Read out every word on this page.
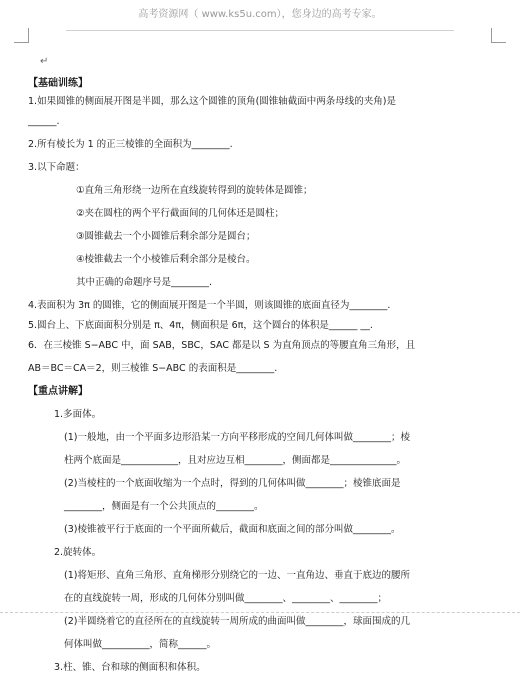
高考资源网（ www.ks5u.com），您身边的高考专家。
↵
【基础训练】
1.如果圆锥的侧面展开图是半圆，那么这个圆锥的顶角(圆锥轴截面中两条母线的夹角)是
______.
2.所有棱长为 1 的正三棱锥的全面积为________.
3.以下命题：
①直角三角形绕一边所在直线旋转得到的旋转体是圆锥；
②夹在圆柱的两个平行截面间的几何体还是圆柱；
③圆锥截去一个小圆锥后剩余部分是圆台；
④棱锥截去一个小棱锥后剩余部分是棱台。
其中正确的命题序号是________.
4.表面积为 3π 的圆锥，它的侧面展开图是一个半圆，则该圆锥的底面直径为________.
5.圆台上、下底面面积分别是 π、4π，侧面积是 6π，这个圆台的体积是______ __.
6．在三棱锥 S−ABC 中，面 SAB，SBC，SAC 都是以 S 为直角顶点的等腰直角三角形，且
AB＝BC＝CA＝2，则三棱锥 S−ABC 的表面积是________.
【重点讲解】
1.多面体。
(1)一般地，由一个平面多边形沿某一方向平移形成的空间几何体叫做________；棱
柱两个底面是____________，且对应边互相________，侧面都是______________。
(2)当棱柱的一个底面收缩为一个点时，得到的几何体叫做________；棱锥底面是
________，侧面是有一个公共顶点的________。
(3)棱锥被平行于底面的一个平面所截后，截面和底面之间的部分叫做________。
2.旋转体。
(1)将矩形、直角三角形、直角梯形分别绕它的一边、一直角边、垂直于底边的腰所
在的直线旋转一周，形成的几何体分别叫做________、________、________；
(2)半圆绕着它的直径所在的直线旋转一周所成的曲面叫做________，球面围成的几
何体叫做__________，简称______。
3.柱、锥、台和球的侧面积和体积。
